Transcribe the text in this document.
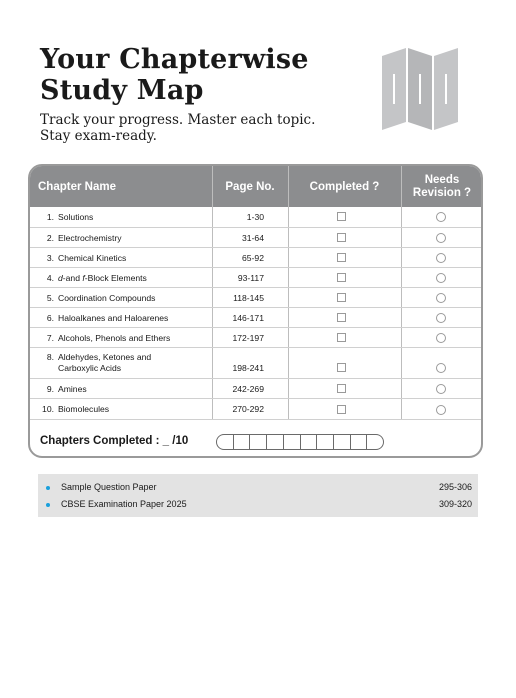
Your Chapterwise
Study Map

Track your progress. Master each topic.
Stay exam-ready.

Chapter Name	Page No.	Completed ?
Needs
Revision ?
1. Solutions	1-30
2. Electrochemistry	31-64
3. Chemical Kinetics	65-92
4. d-and f-Block Elements	93-117
5. Coordination Compounds	118-145
6. Haloalkanes and Haloarenes	146-171
7. Alcohols, Phenols and Ethers	172-197
8. Aldehydes, Ketones and
Carboxylic Acids	198-241
9. Amines	242-269
10. Biomolecules	270-292
Chapters Completed : _ /10
Sample Question Paper	295-306
CBSE Examination Paper 2025	309-320
